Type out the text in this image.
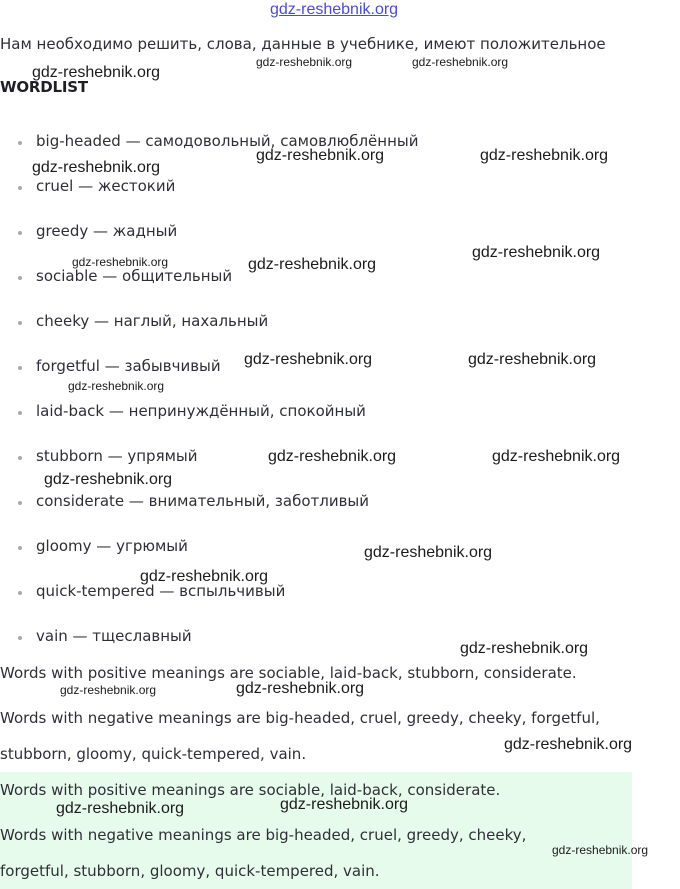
gdz-reshebnik.org
Нам необходимо решить, слова, данные в учебнике, имеют положительное
WORDLIST
big-headed — самодовольный, самовлюблённый
cruel — жестокий
greedy — жадный
sociable — общительный
cheeky — наглый, нахальный
forgetful — забывчивый
laid-back — непринуждённый, спокойный
stubborn — упрямый
considerate — внимательный, заботливый
gloomy — угрюмый
quick-tempered — вспыльчивый
vain — тщеславный
Words with positive meanings are sociable, laid-back, stubborn, considerate.
Words with negative meanings are big-headed, cruel, greedy, cheeky, forgetful,
stubborn, gloomy, quick-tempered, vain.
Words with positive meanings are sociable, laid-back, considerate.
Words with negative meanings are big-headed, cruel, greedy, cheeky,
forgetful, stubborn, gloomy, quick-tempered, vain.
gdz-reshebnik.org
gdz-reshebnik.org	gdz-reshebnik.org
gdz-reshebnik.org
gdz-reshebnik.org	gdz-reshebnik.org
gdz-reshebnik.org	gdz-reshebnik.org
gdz-reshebnik.org
gdz-reshebnik.org	gdz-reshebnik.org
gdz-reshebnik.org
gdz-reshebnik.org	gdz-reshebnik.org
gdz-reshebnik.org
gdz-reshebnik.org
gdz-reshebnik.org
gdz-reshebnik.org
gdz-reshebnik.org	gdz-reshebnik.org
gdz-reshebnik.org
gdz-reshebnik.org	gdz-reshebnik.org
gdz-reshebnik.org
